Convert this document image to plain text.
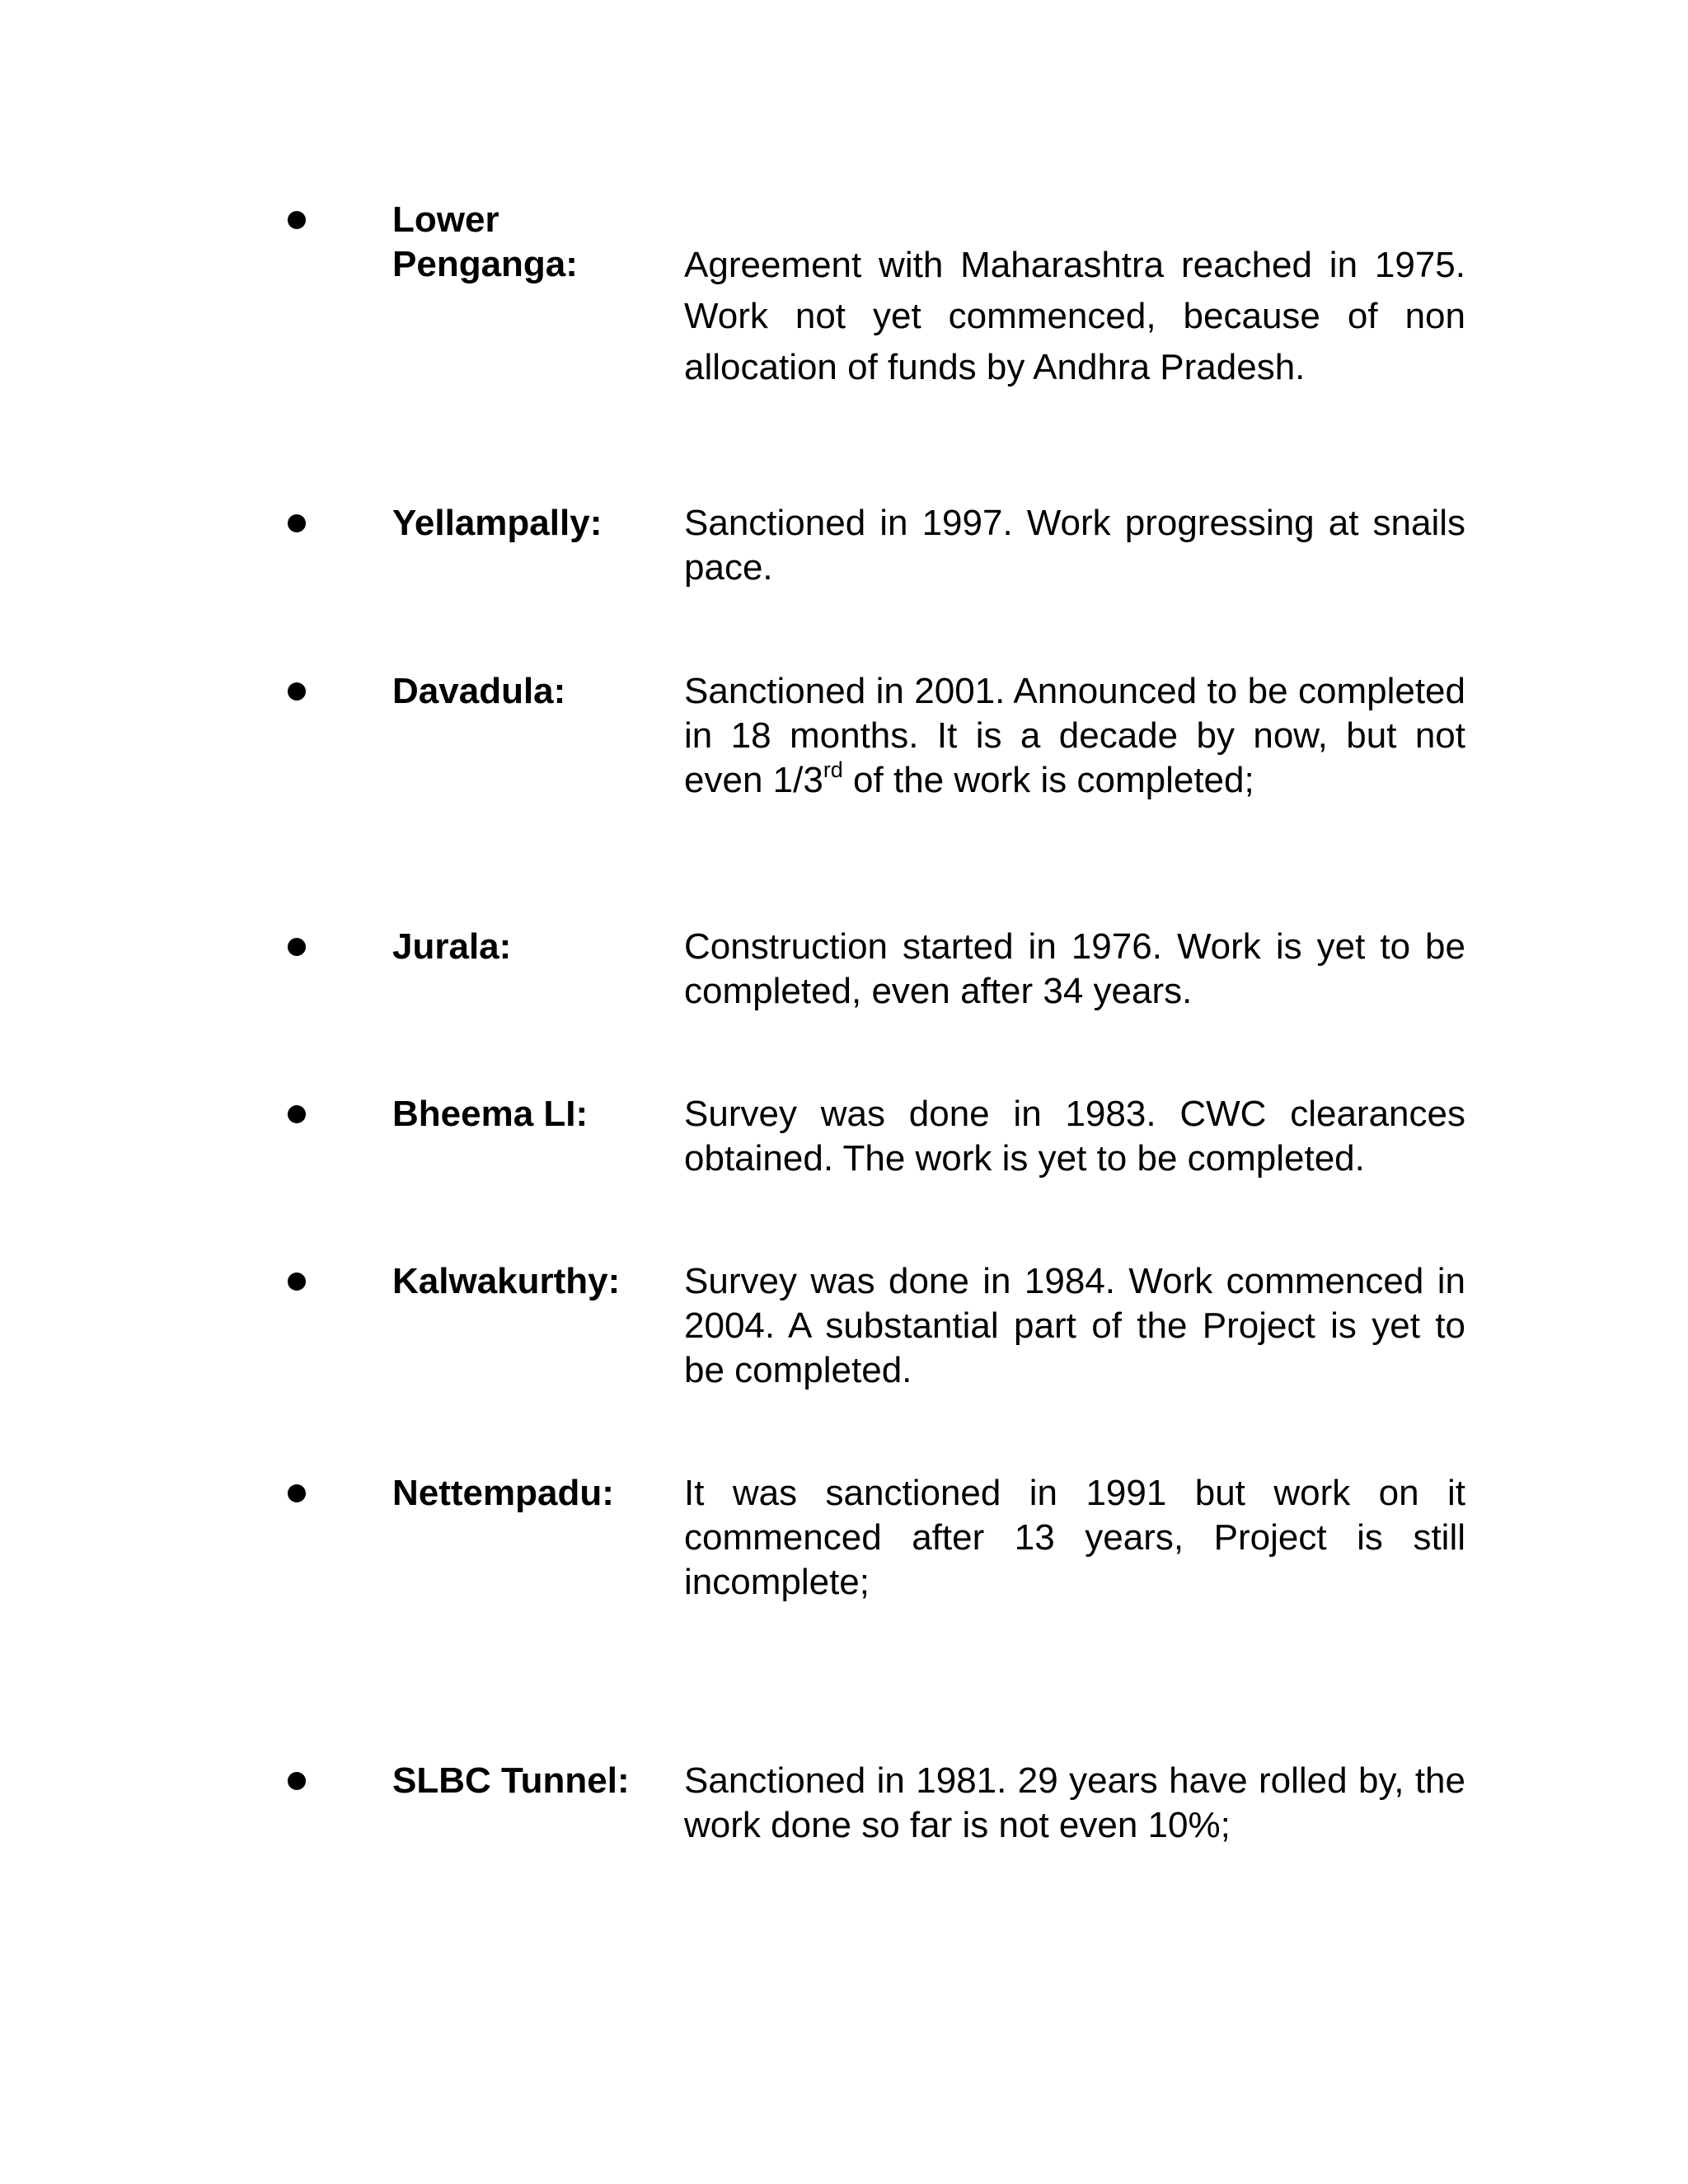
Lower
Penganga:	Agreement with Maharashtra reached in 1975. Work not yet commenced, because of non allocation of funds by Andhra Pradesh.
Yellampally: Sanctioned in 1997. Work progressing at snails pace.
Davadula:	Sanctioned in 2001. Announced to be completed in 18 months. It is a decade by now, but not even 1/3rd of the work is completed;
Jurala:	Construction started in 1976. Work is yet to be completed, even after 34 years.
Bheema LI:	Survey was done in 1983. CWC clearances obtained. The work is yet to be completed.
Kalwakurthy: Survey was done in 1984. Work commenced in 2004. A substantial part of the Project is yet to be completed.
Nettempadu: It was sanctioned in 1991 but work on it commenced after 13 years, Project is still incomplete;
SLBC Tunnel: Sanctioned in 1981. 29 years have rolled by, the work done so far is not even 10%;
